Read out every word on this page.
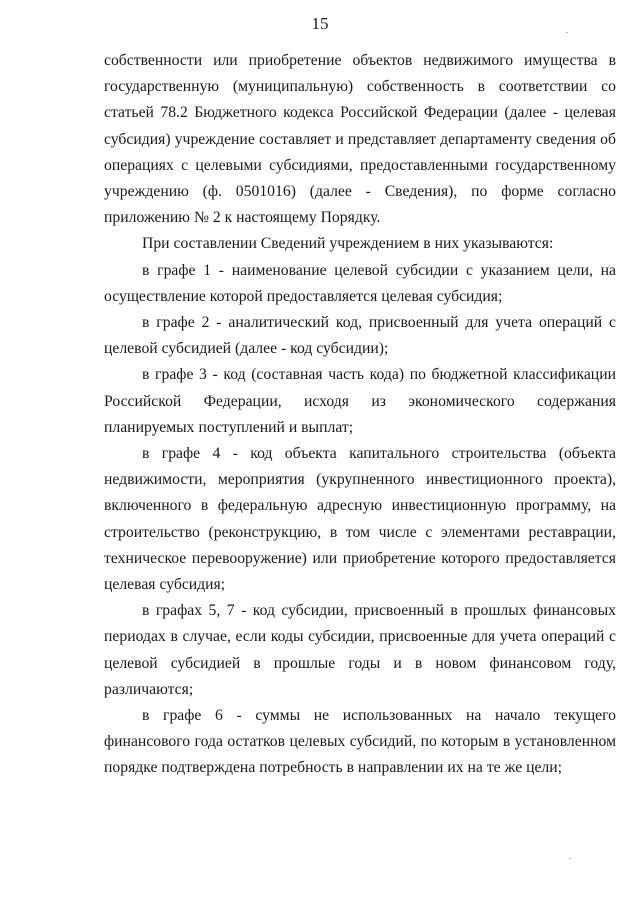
15

собственности или приобретение объектов недвижимого имущества в государственную (муниципальную) собственность в соответствии со статьей 78.2 Бюджетного кодекса Российской Федерации (далее - целевая субсидия) учреждение составляет и представляет департаменту сведения об операциях с целевыми субсидиями, предоставленными государственному учреждению (ф. 0501016) (далее - Сведения), по форме согласно приложению № 2 к настоящему Порядку.

При составлении Сведений учреждением в них указываются:

в графе 1 - наименование целевой субсидии с указанием цели, на осуществление которой предоставляется целевая субсидия;

в графе 2 - аналитический код, присвоенный для учета операций с целевой субсидией (далее - код субсидии);

в графе 3 - код (составная часть кода) по бюджетной классификации Российской Федерации, исходя из экономического содержания планируемых поступлений и выплат;

в графе 4 - код объекта капитального строительства (объекта недвижимости, мероприятия (укрупненного инвестиционного проекта), включенного в федеральную адресную инвестиционную программу, на строительство (реконструкцию, в том числе с элементами реставрации, техническое перевооружение) или приобретение которого предоставляется целевая субсидия;

в графах 5, 7 - код субсидии, присвоенный в прошлых финансовых периодах в случае, если коды субсидии, присвоенные для учета операций с целевой субсидией в прошлые годы и в новом финансовом году, различаются;

в графе 6 - суммы не использованных на начало текущего финансового года остатков целевых субсидий, по которым в установленном порядке подтверждена потребность в направлении их на те же цели;
